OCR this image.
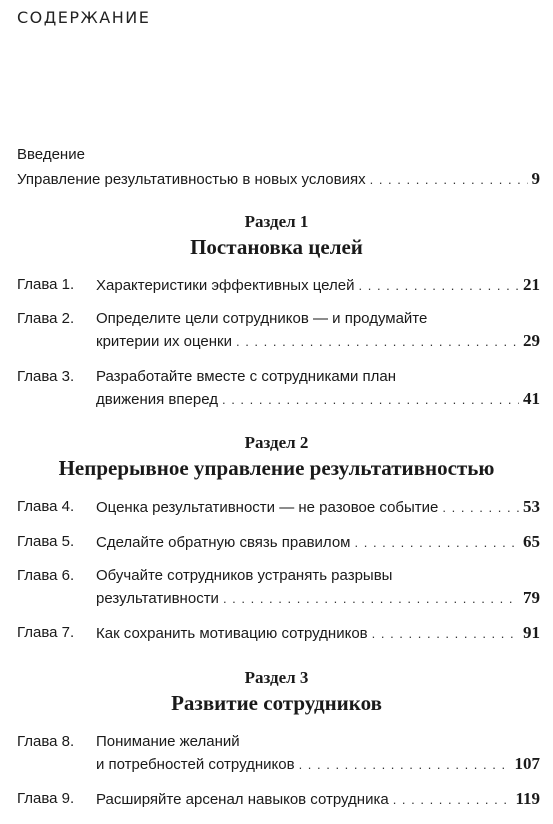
СОДЕРЖАНИЕ
Введение
Управление результативностью в новых условиях . . .	9
Раздел 1
Постановка целей
Глава 1. Характеристики эффективных целей . . .	21
Глава 2. Определите цели сотрудников — и продумайте
критерии их оценки . . .	29
Глава 3. Разработайте вместе с сотрудниками план
движения вперед . . .	41
Раздел 2
Непрерывное управление результативностью
Глава 4. Оценка результативности — не разовое событие . . .	53
Глава 5. Сделайте обратную связь правилом . . .	65
Глава 6. Обучайте сотрудников устранять разрывы
результативности . . .	79
Глава 7. Как сохранить мотивацию сотрудников . . .	91
Раздел 3
Развитие сотрудников
Глава 8. Понимание желаний
и потребностей сотрудников . . .	107
Глава 9. Расширяйте арсенал навыков сотрудника . . .	119
